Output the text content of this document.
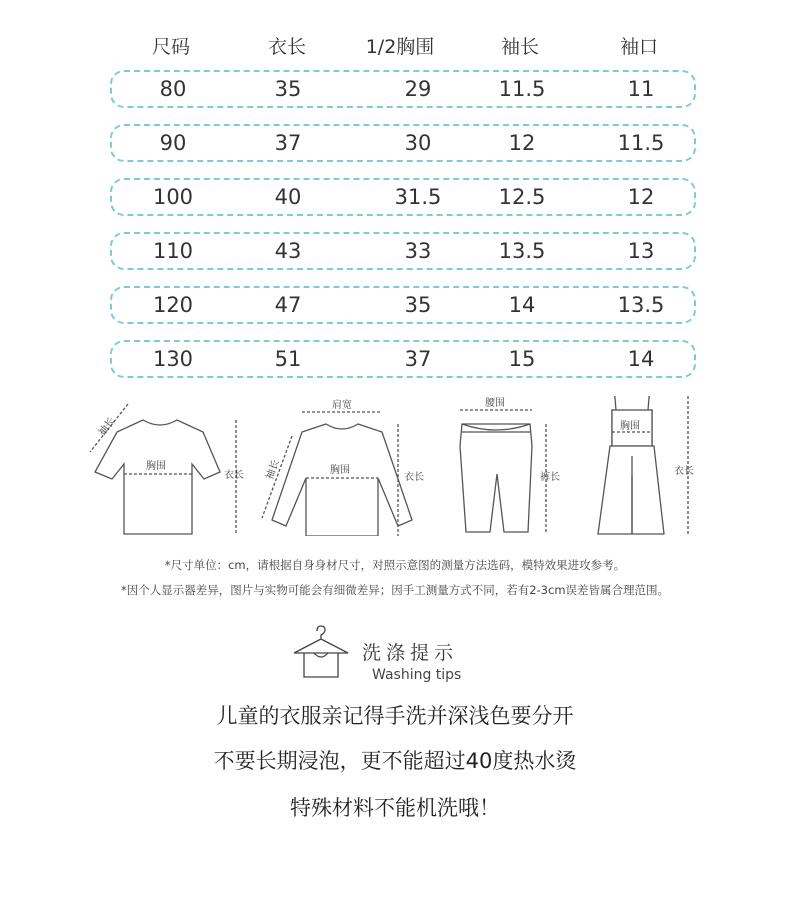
尺码	衣长	1/2胸围	袖长	袖口
80	35	29	11.5	11
90	37	30	12	11.5
100	40	31.5	12.5	12
110	43	33	13.5	13
120	47	35	14	13.5
130	51	37	15	14
袖长
胸围
衣长
肩宽
袖长	胸围
衣长
腰围
裤长
胸围
衣长
*尺寸单位：cm，请根据自身身材尺寸，对照示意图的测量方法选码，模特效果进攻参考。
*因个人显示器差异，图片与实物可能会有细微差异；因手工测量方式不同，若有2-3cm误差皆属合理范围。
洗涤提示
Washing tips
儿童的衣服亲记得手洗并深浅色要分开
不要长期浸泡，更不能超过40度热水烫
特殊材料不能机洗哦！
